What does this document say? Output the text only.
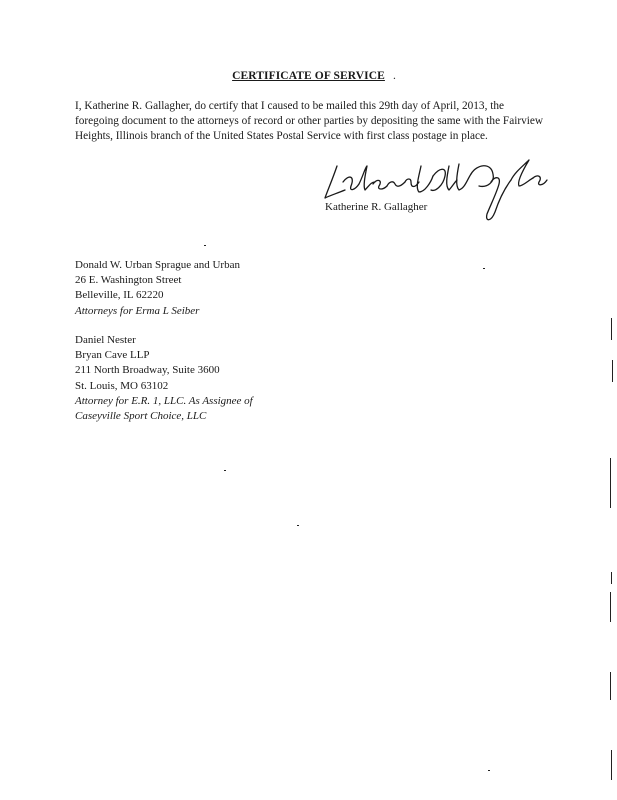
CERTIFICATE OF SERVICE .
I, Katherine R. Gallagher, do certify that I caused to be mailed this 29th day of April, 2013, the foregoing document to the attorneys of record or other parties by depositing the same with the Fairview Heights, Illinois branch of the United States Postal Service with first class postage in place.
Katherine R. Gallagher
Donald W. Urban Sprague and Urban
26 E. Washington Street
Belleville, IL 62220
Attorneys for Erma L Seiber
Daniel Nester
Bryan Cave LLP
211 North Broadway, Suite 3600
St. Louis, MO 63102
Attorney for E.R. 1, LLC. As Assignee of
Caseyville Sport Choice, LLC
